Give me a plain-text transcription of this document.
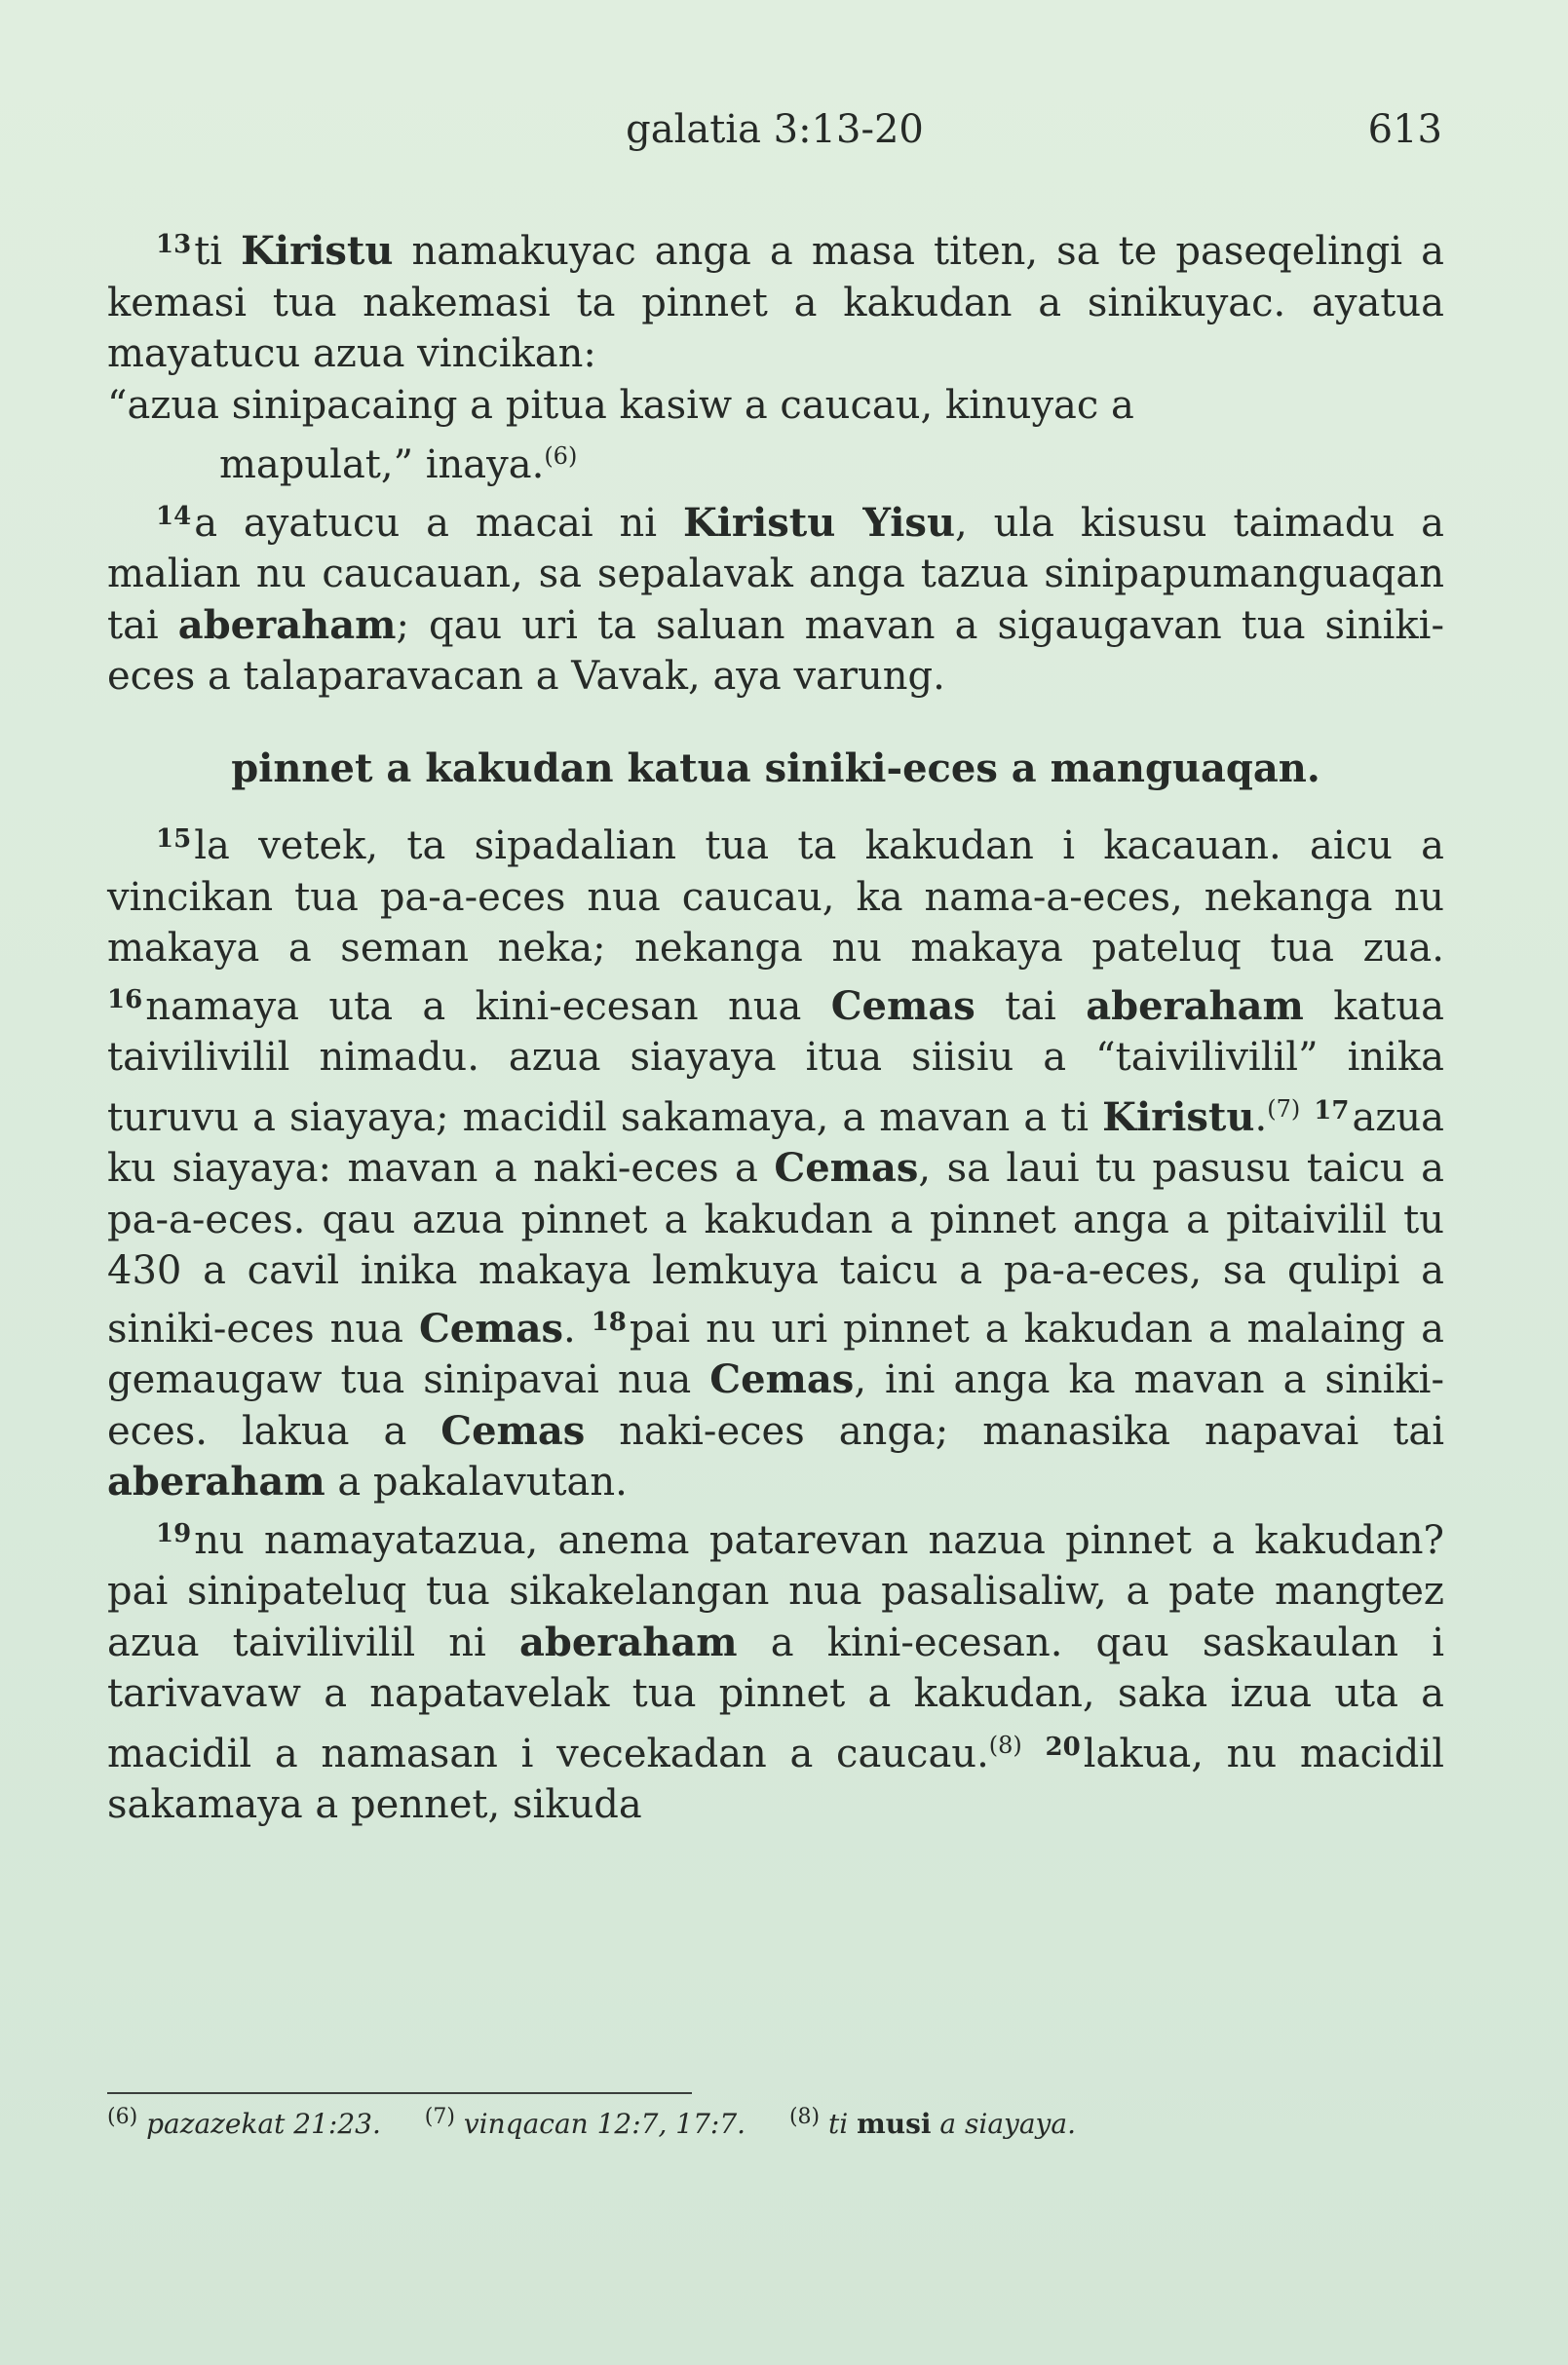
galatia 3:13-20	613

$^{13}$ti Kiristu namakuyac anga a masa titen, sa te paseqelingi a kemasi tua nakemasi ta pinnet a kakudan a sinikuyac. ayatua mayatucu azua vincikan:

“azua sinipacaing a pitua kasiw a caucau, kinuyac a

mapulat,” inaya.$^{(6)}$

$^{14}$a ayatucu a macai ni Kiristu Yisu, ula kisusu taimadu a malian nu caucauan, sa sepalavak anga tazua sinipapumanguaqan tai aberaham; qau uri ta saluan mavan a sigaugavan tua siniki-eces a talaparavacan a Vavak, aya varung.

pinnet a kakudan katua siniki-eces a manguaqan.

$^{15}$la vetek, ta sipadalian tua ta kakudan i kacauan. aicu a vincikan tua pa-a-eces nua caucau, ka nama-a-eces, nekanga nu makaya a seman neka; nekanga nu makaya pateluq tua zua. $^{16}$namaya uta a kini-ecesan nua Cemas tai aberaham katua taivilivilil nimadu. azua siayaya itua siisiu a “taivilivilil” inika turuvu a siayaya; macidil sakamaya, a mavan a ti Kiristu.$^{(7)}$ $^{17}$azua ku siayaya: mavan a naki-eces a Cemas, sa laui tu pasusu taicu a pa-a-eces. qau azua pinnet a kakudan a pinnet anga a pitaivilil tu 430 a cavil inika makaya lemkuya taicu a pa-a-eces, sa qulipi a siniki-eces nua Cemas. $^{18}$pai nu uri pinnet a kakudan a malaing a gemaugaw tua sinipavai nua Cemas, ini anga ka mavan a siniki-eces. lakua a Cemas naki-eces anga; manasika napavai tai aberaham a pakalavutan.

$^{19}$nu namayatazua, anema patarevan nazua pinnet a kakudan? pai sinipateluq tua sikakelangan nua pasalisaliw, a pate mangtez azua taivilivilil ni aberaham a kini-ecesan. qau saskaulan i tarivavaw a napatavelak tua pinnet a kakudan, saka izua uta a macidil a namasan i vecekadan a caucau.$^{(8)}$ $^{20}$lakua, nu macidil sakamaya a pennet, sikuda

$^{(6)}$ pazazekat 21:23. $^{(7)}$ vinqacan 12:7, 17:7. $^{(8)}$ ti musi a siayaya.
